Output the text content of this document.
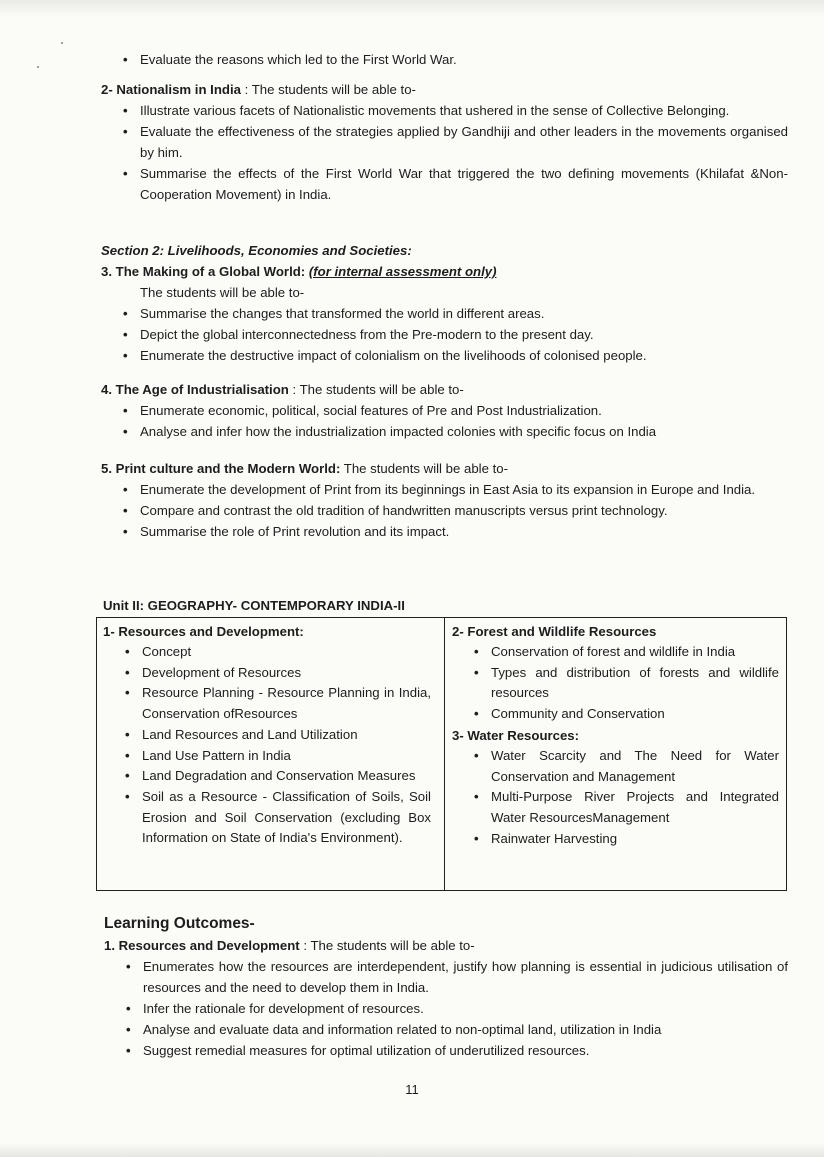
• Evaluate the reasons which led to the First World War.
2- Nationalism in India : The students will be able to-
• Illustrate various facets of Nationalistic movements that ushered in the sense of Collective Belonging.
• Evaluate the effectiveness of the strategies applied by Gandhiji and other leaders in the movements organised by him.
• Summarise the effects of the First World War that triggered the two defining movements (Khilafat &Non- Cooperation Movement) in India.
Section 2: Livelihoods, Economies and Societies:
3. The Making of a Global World: (for internal assessment only)
The students will be able to-
• Summarise the changes that transformed the world in different areas.
• Depict the global interconnectedness from the Pre-modern to the present day.
• Enumerate the destructive impact of colonialism on the livelihoods of colonised people.
4. The Age of Industrialisation : The students will be able to-
• Enumerate economic, political, social features of Pre and Post Industrialization.
• Analyse and infer how the industrialization impacted colonies with specific focus on India
5. Print culture and the Modern World: The students will be able to-
• Enumerate the development of Print from its beginnings in East Asia to its expansion in Europe and India.
• Compare and contrast the old tradition of handwritten manuscripts versus print technology.
• Summarise the role of Print revolution and its impact.
Unit II: GEOGRAPHY- CONTEMPORARY INDIA-II
1- Resources and Development:
• Concept
• Development of Resources
• Resource Planning - Resource Planning in India, Conservation ofResources
• Land Resources and Land Utilization
• Land Use Pattern in India
• Land Degradation and Conservation Measures
• Soil as a Resource - Classification of Soils, Soil Erosion and Soil Conservation (excluding Box Information on State of India's Environment).
2- Forest and Wildlife Resources
• Conservation of forest and wildlife in India
• Types and distribution of forests and wildlife resources
• Community and Conservation
3- Water Resources:
• Water Scarcity and The Need for Water Conservation and Management
• Multi-Purpose River Projects and Integrated Water ResourcesManagement
• Rainwater Harvesting
Learning Outcomes-
1. Resources and Development : The students will be able to-
• Enumerates how the resources are interdependent, justify how planning is essential in judicious utilisation of resources and the need to develop them in India.
• Infer the rationale for development of resources.
• Analyse and evaluate data and information related to non-optimal land, utilization in India
• Suggest remedial measures for optimal utilization of underutilized resources.
11
